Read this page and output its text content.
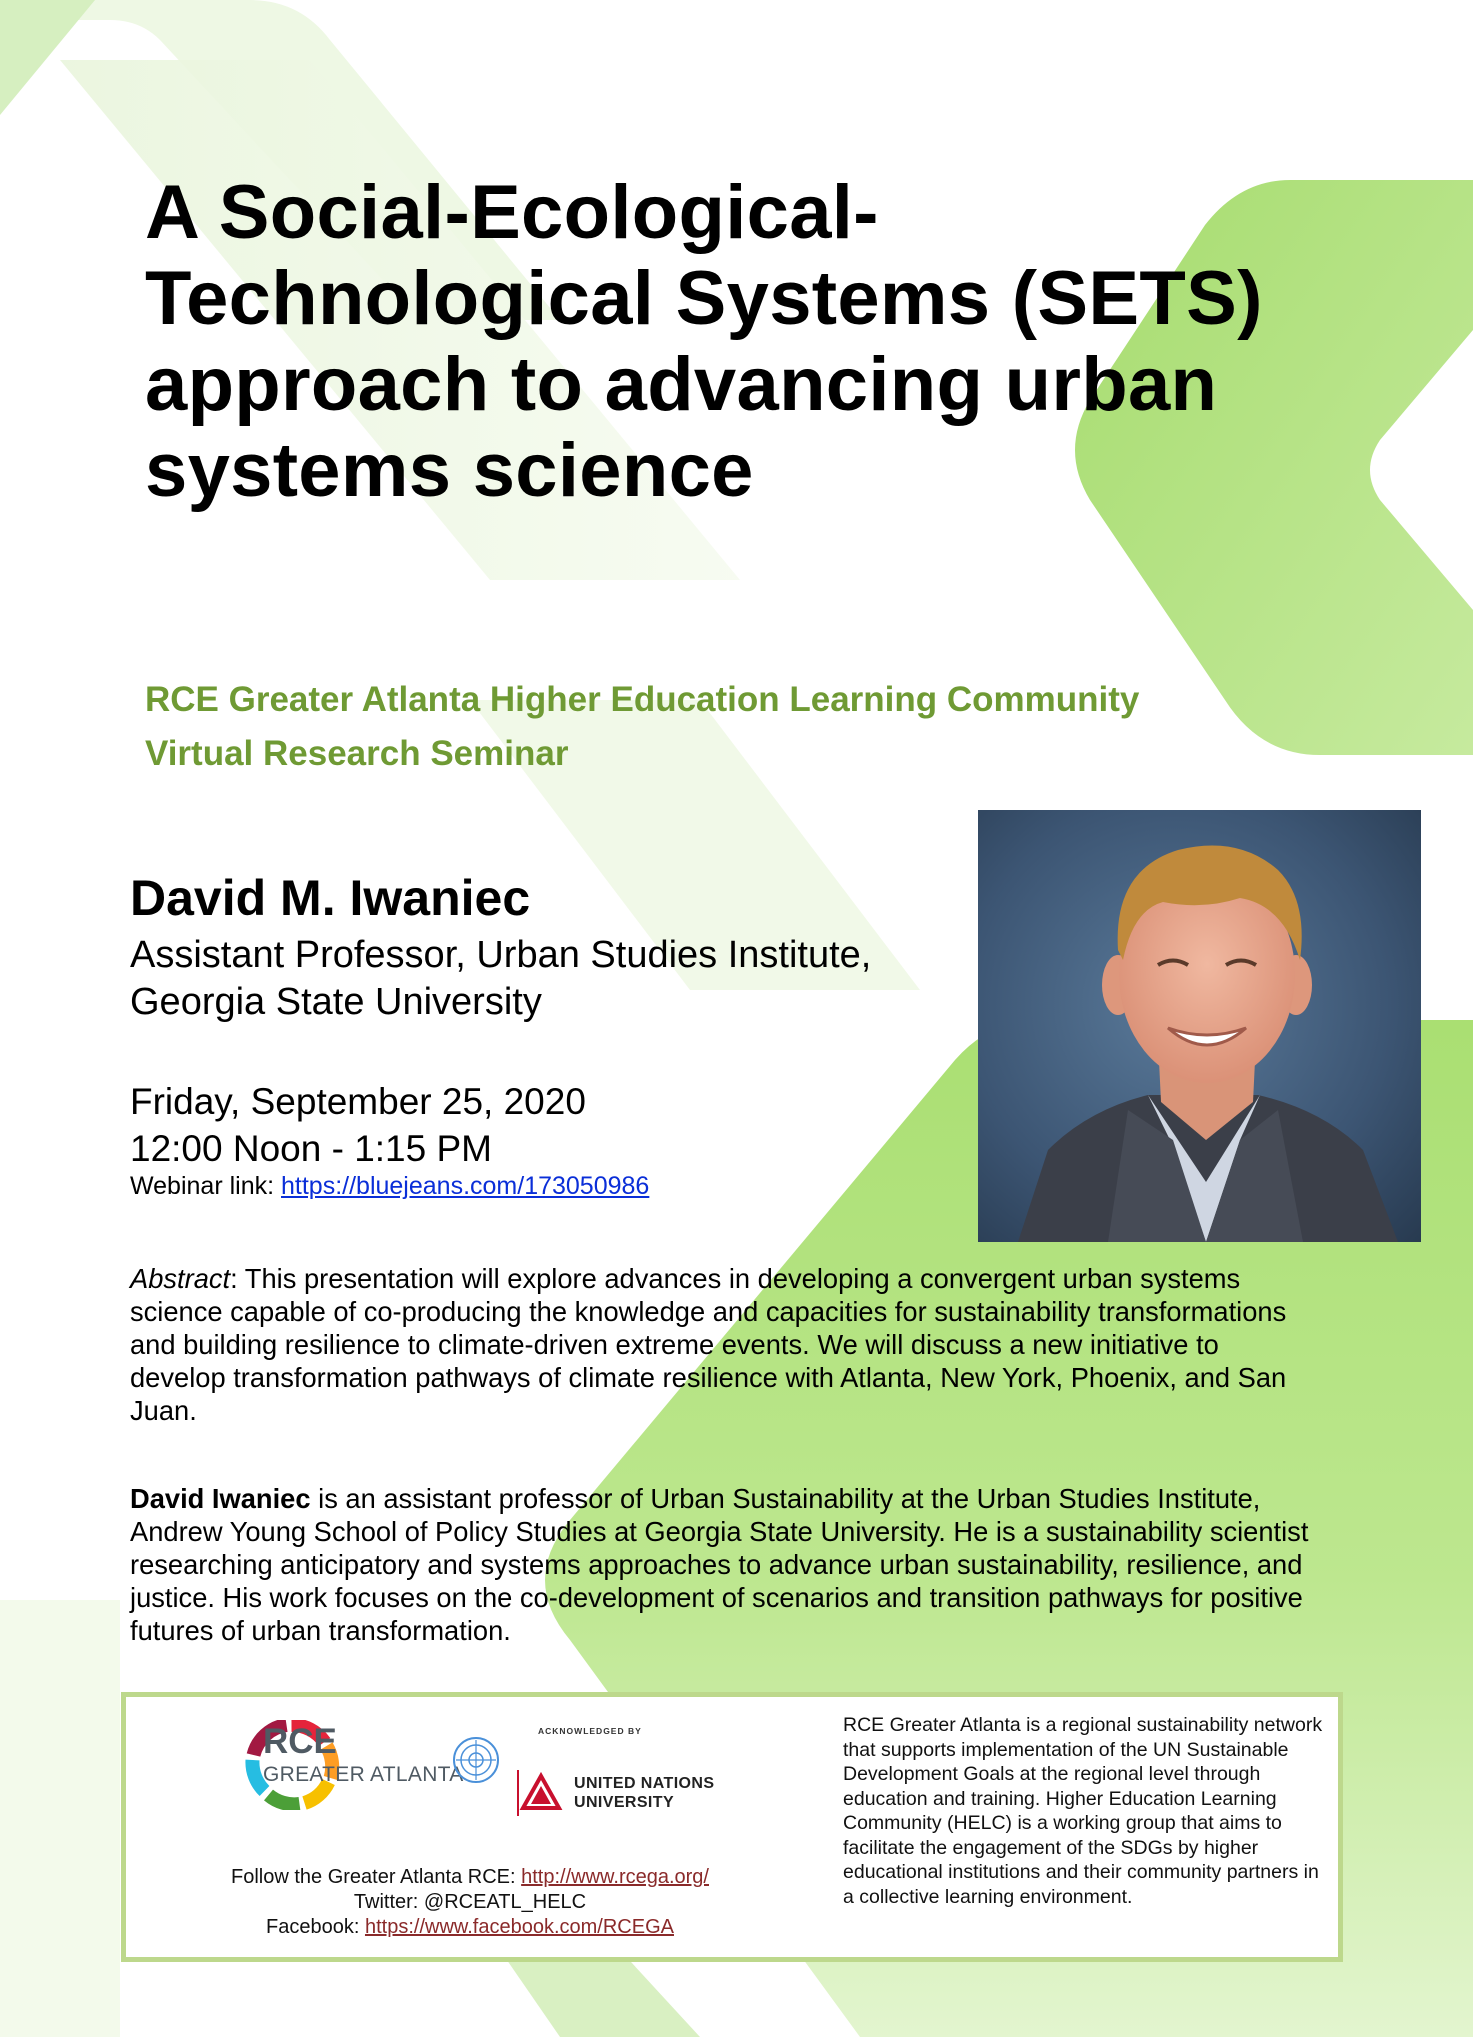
A Social-Ecological-Technological Systems (SETS) approach to advancing urban systems science
RCE Greater Atlanta Higher Education Learning Community
Virtual Research Seminar
David M. Iwaniec
Assistant Professor, Urban Studies Institute,
Georgia State University
Friday, September 25, 2020
12:00 Noon - 1:15 PM
Webinar link: https://bluejeans.com/173050986

Abstract: This presentation will explore advances in developing a convergent urban systems science capable of co-producing the knowledge and capacities for sustainability transformations and building resilience to climate-driven extreme events. We will discuss a new initiative to develop transformation pathways of climate resilience with Atlanta, New York, Phoenix, and San Juan.

David Iwaniec is an assistant professor of Urban Sustainability at the Urban Studies Institute, Andrew Young School of Policy Studies at Georgia State University. He is a sustainability scientist researching anticipatory and systems approaches to advance urban sustainability, resilience, and justice. His work focuses on the co-development of scenarios and transition pathways for positive futures of urban transformation.

RCE
GREATER ATLANTA
ACKNOWLEDGED BY
UNITED NATIONS
UNIVERSITY
Follow the Greater Atlanta RCE: http://www.rcega.org/
Twitter: @RCEATL_HELC
Facebook: https://www.facebook.com/RCEGA

RCE Greater Atlanta is a regional sustainability network that supports implementation of the UN Sustainable Development Goals at the regional level through education and training. Higher Education Learning Community (HELC) is a working group that aims to facilitate the engagement of the SDGs by higher educational institutions and their community partners in a collective learning environment.
